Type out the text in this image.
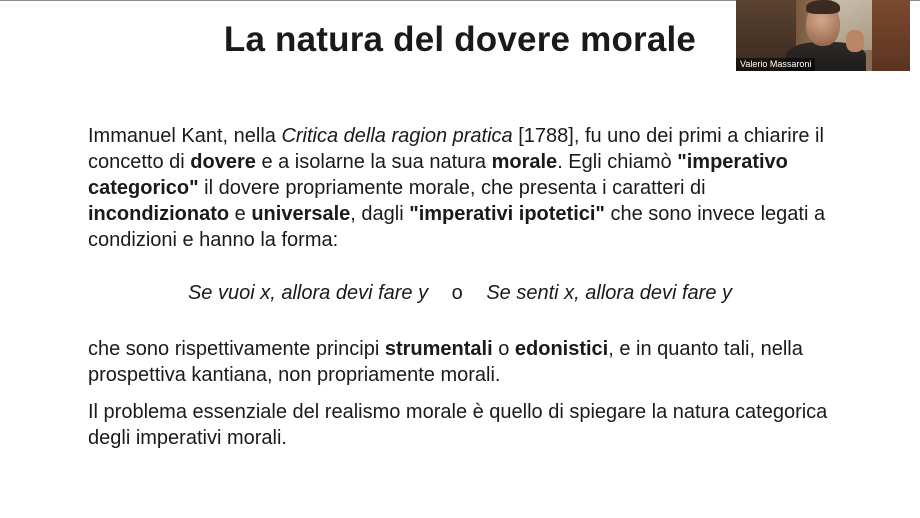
La natura del dovere morale

Immanuel Kant, nella Critica della ragion pratica [1788], fu uno dei primi a chiarire il concetto di dovere e a isolarne la sua natura morale. Egli chiamò "imperativo categorico" il dovere propriamente morale, che presenta i caratteri di incondizionato e universale, dagli "imperativi ipotetici" che sono invece legati a condizioni e hanno la forma:

Se vuoi x, allora devi fare y o Se senti x, allora devi fare y

che sono rispettivamente principi strumentali o edonistici, e in quanto tali, nella prospettiva kantiana, non propriamente morali.

Il problema essenziale del realismo morale è quello di spiegare la natura categorica degli imperativi morali.

Valerio Massaroni
